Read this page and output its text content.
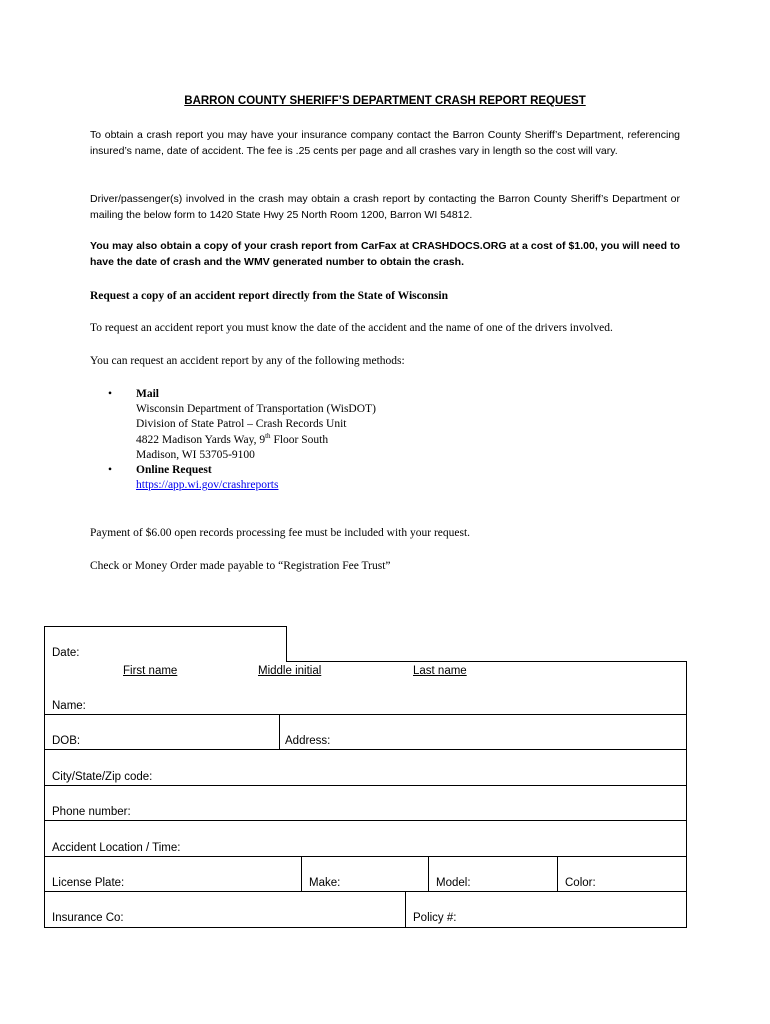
BARRON COUNTY SHERIFF’S DEPARTMENT CRASH REPORT REQUEST

To obtain a crash report you may have your insurance company contact the Barron County Sheriff’s Department, referencing insured’s name, date of accident. The fee is .25 cents per page and all crashes vary in length so the cost will vary.

Driver/passenger(s) involved in the crash may obtain a crash report by contacting the Barron County Sheriff’s Department or mailing the below form to 1420 State Hwy 25 North Room 1200, Barron WI 54812.

You may also obtain a copy of your crash report from CarFax at CRASHDOCS.ORG at a cost of $1.00, you will need to have the date of crash and the WMV generated number to obtain the crash.

Request a copy of an accident report directly from the State of Wisconsin

To request an accident report you must know the date of the accident and the name of one of the drivers involved.

You can request an accident report by any of the following methods:

• Mail
Wisconsin Department of Transportation (WisDOT)
Division of State Patrol – Crash Records Unit
4822 Madison Yards Way, 9th Floor South
Madison, WI 53705-9100
• Online Request
https://app.wi.gov/crashreports

Payment of $6.00 open records processing fee must be included with your request.

Check or Money Order made payable to “Registration Fee Trust”

Date:
First name	Middle initial	Last name
Name:
DOB:	Address:
City/State/Zip code:
Phone number:
Accident Location / Time:
License Plate:	Make:	Model:	Color:
Insurance Co:	Policy #:
